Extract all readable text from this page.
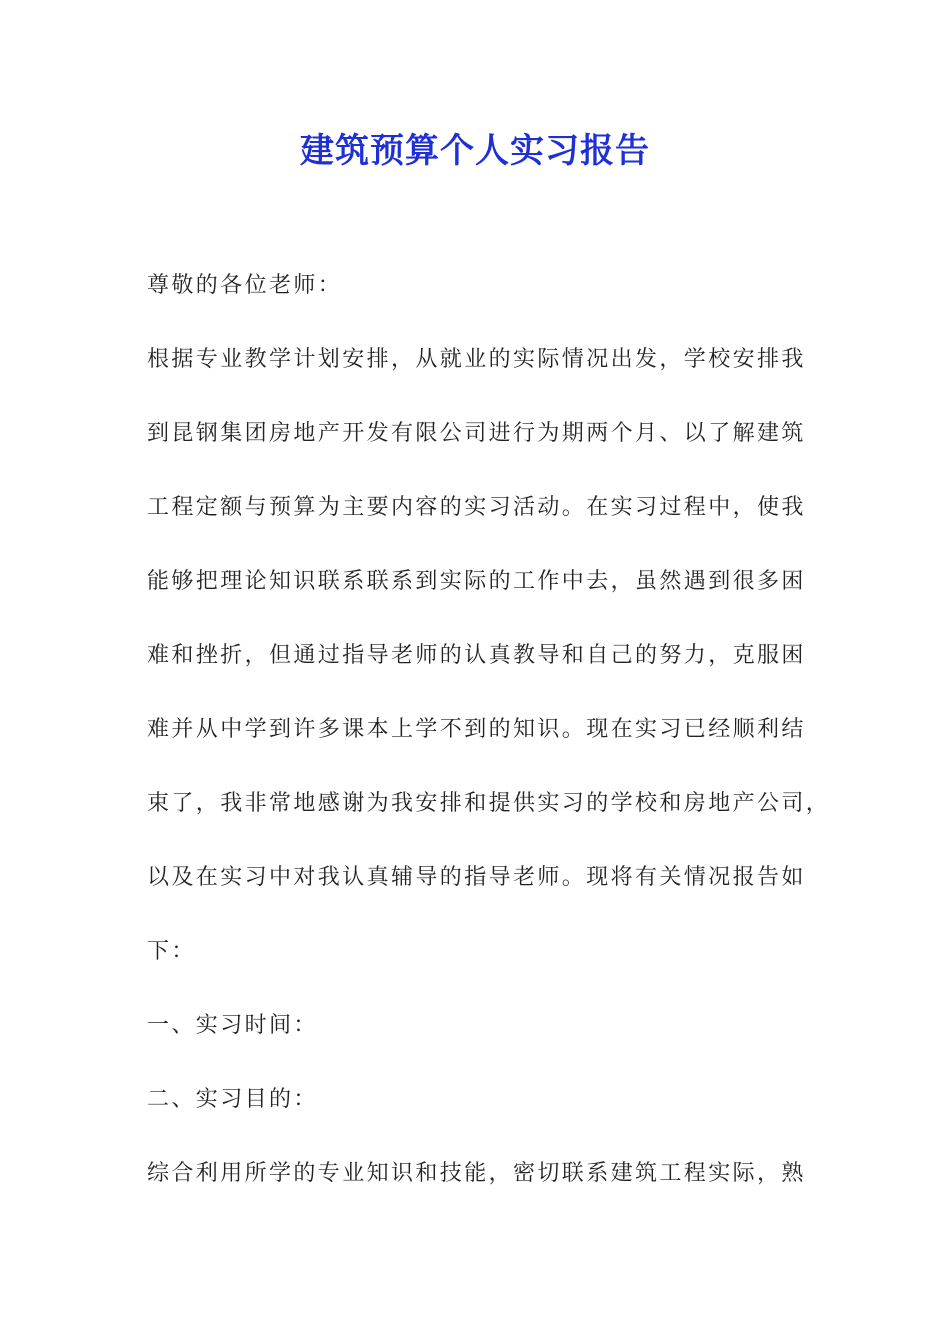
建筑预算个人实习报告
尊敬的各位老师：
根据专业教学计划安排，从就业的实际情况出发，学校安排我
到昆钢集团房地产开发有限公司进行为期两个月、以了解建筑
工程定额与预算为主要内容的实习活动。在实习过程中，使我
能够把理论知识联系联系到实际的工作中去，虽然遇到很多困
难和挫折，但通过指导老师的认真教导和自己的努力，克服困
难并从中学到许多课本上学不到的知识。现在实习已经顺利结
束了，我非常地感谢为我安排和提供实习的学校和房地产公司，
以及在实习中对我认真辅导的指导老师。现将有关情况报告如
下：
一、实习时间：
二、实习目的：
综合利用所学的专业知识和技能，密切联系建筑工程实际，熟
